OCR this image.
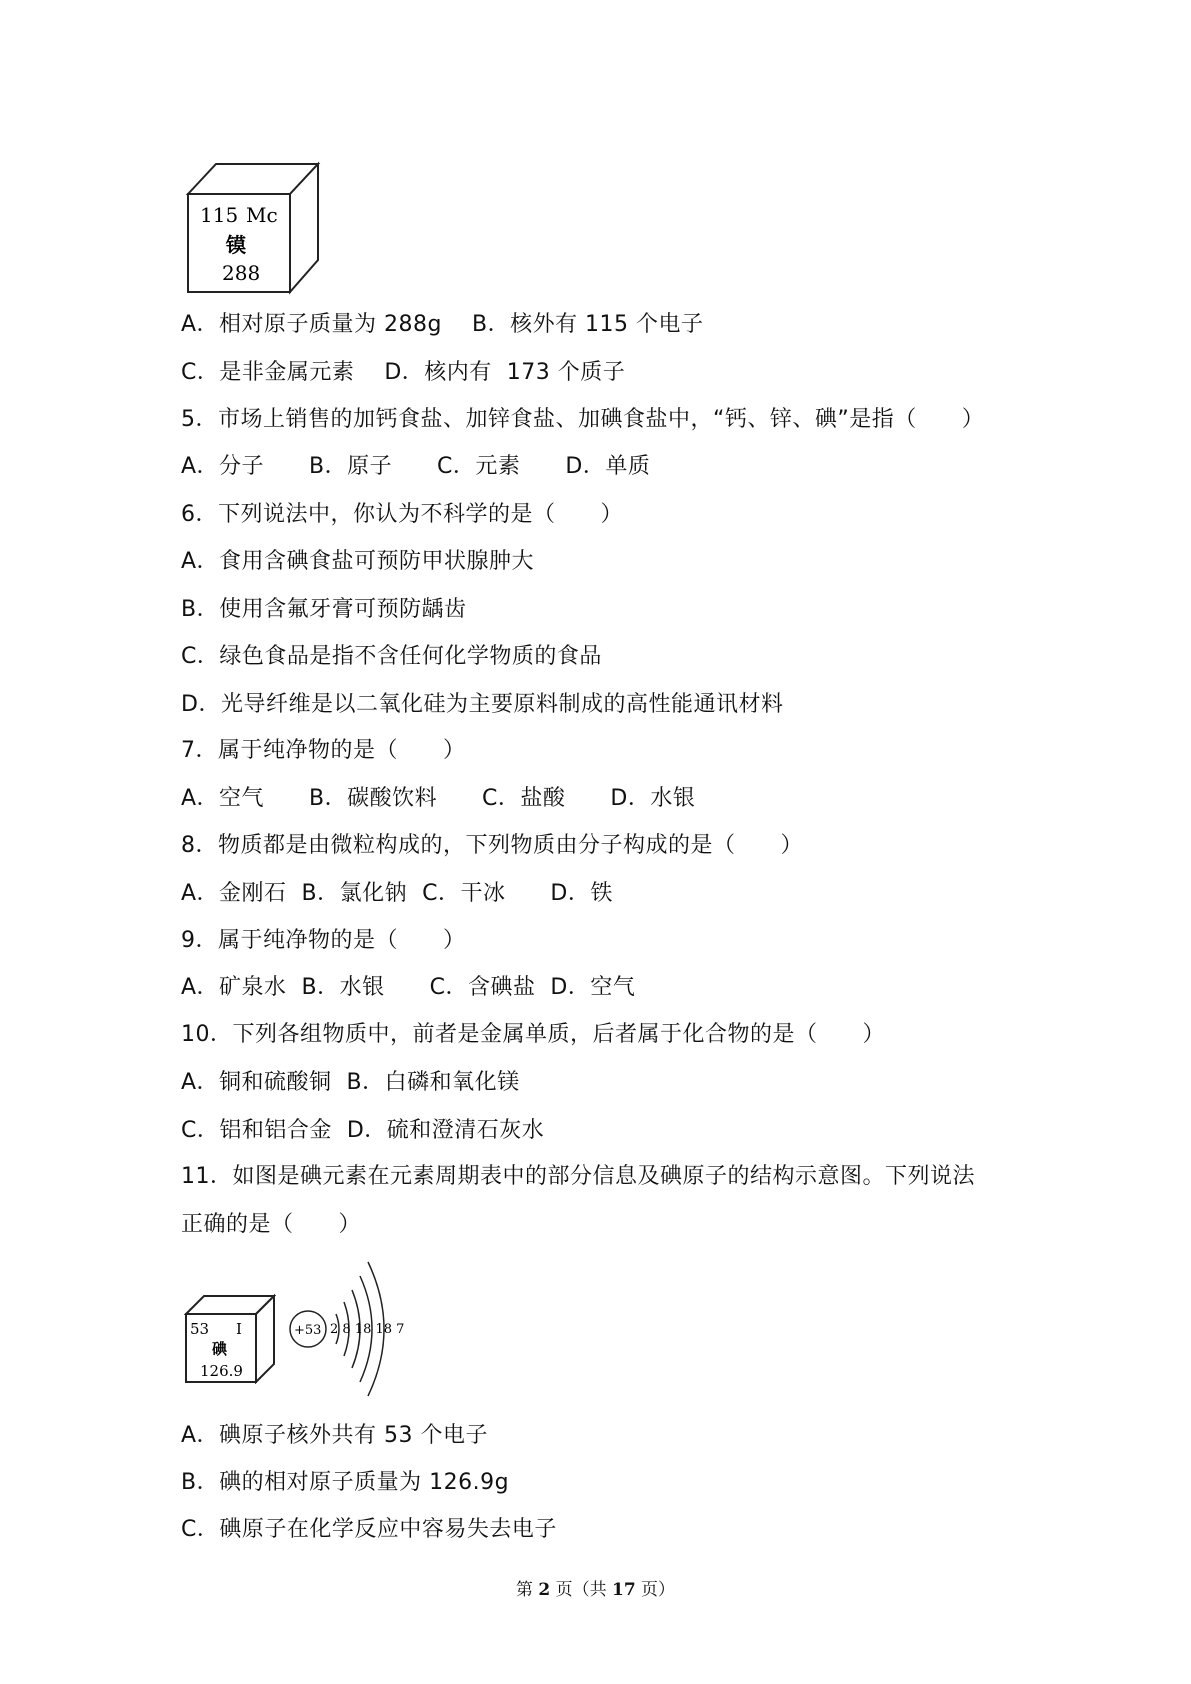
115 Mc
镆
288
53 I
碘
126.9
+53 2 8 18 18 7
A．相对原子质量为 288g    B．核外有 115 个电子
C．是非金属元素    D．核内有  173 个质子
5．市场上销售的加钙食盐、加锌食盐、加碘食盐中，“钙、锌、碘”是指（　　）
A．分子      B．原子      C．元素      D．单质
6．下列说法中，你认为不科学的是（　　）
A．食用含碘食盐可预防甲状腺肿大
B．使用含氟牙膏可预防龋齿
C．绿色食品是指不含任何化学物质的食品
D．光导纤维是以二氧化硅为主要原料制成的高性能通讯材料
7．属于纯净物的是（　　）
A．空气      B．碳酸饮料      C．盐酸      D．水银
8．物质都是由微粒构成的，下列物质由分子构成的是（　　）
A．金刚石  B．氯化钠  C．干冰      D．铁
9．属于纯净物的是（　　）
A．矿泉水  B．水银      C．含碘盐  D．空气
10．下列各组物质中，前者是金属单质，后者属于化合物的是（　　）
A．铜和硫酸铜  B．白磷和氧化镁
C．铝和铝合金  D．硫和澄清石灰水
11．如图是碘元素在元素周期表中的部分信息及碘原子的结构示意图。下列说法
正确的是（　　）
A．碘原子核外共有 53 个电子
B．碘的相对原子质量为 126.9g
C．碘原子在化学反应中容易失去电子
第 2 页（共 17 页）
